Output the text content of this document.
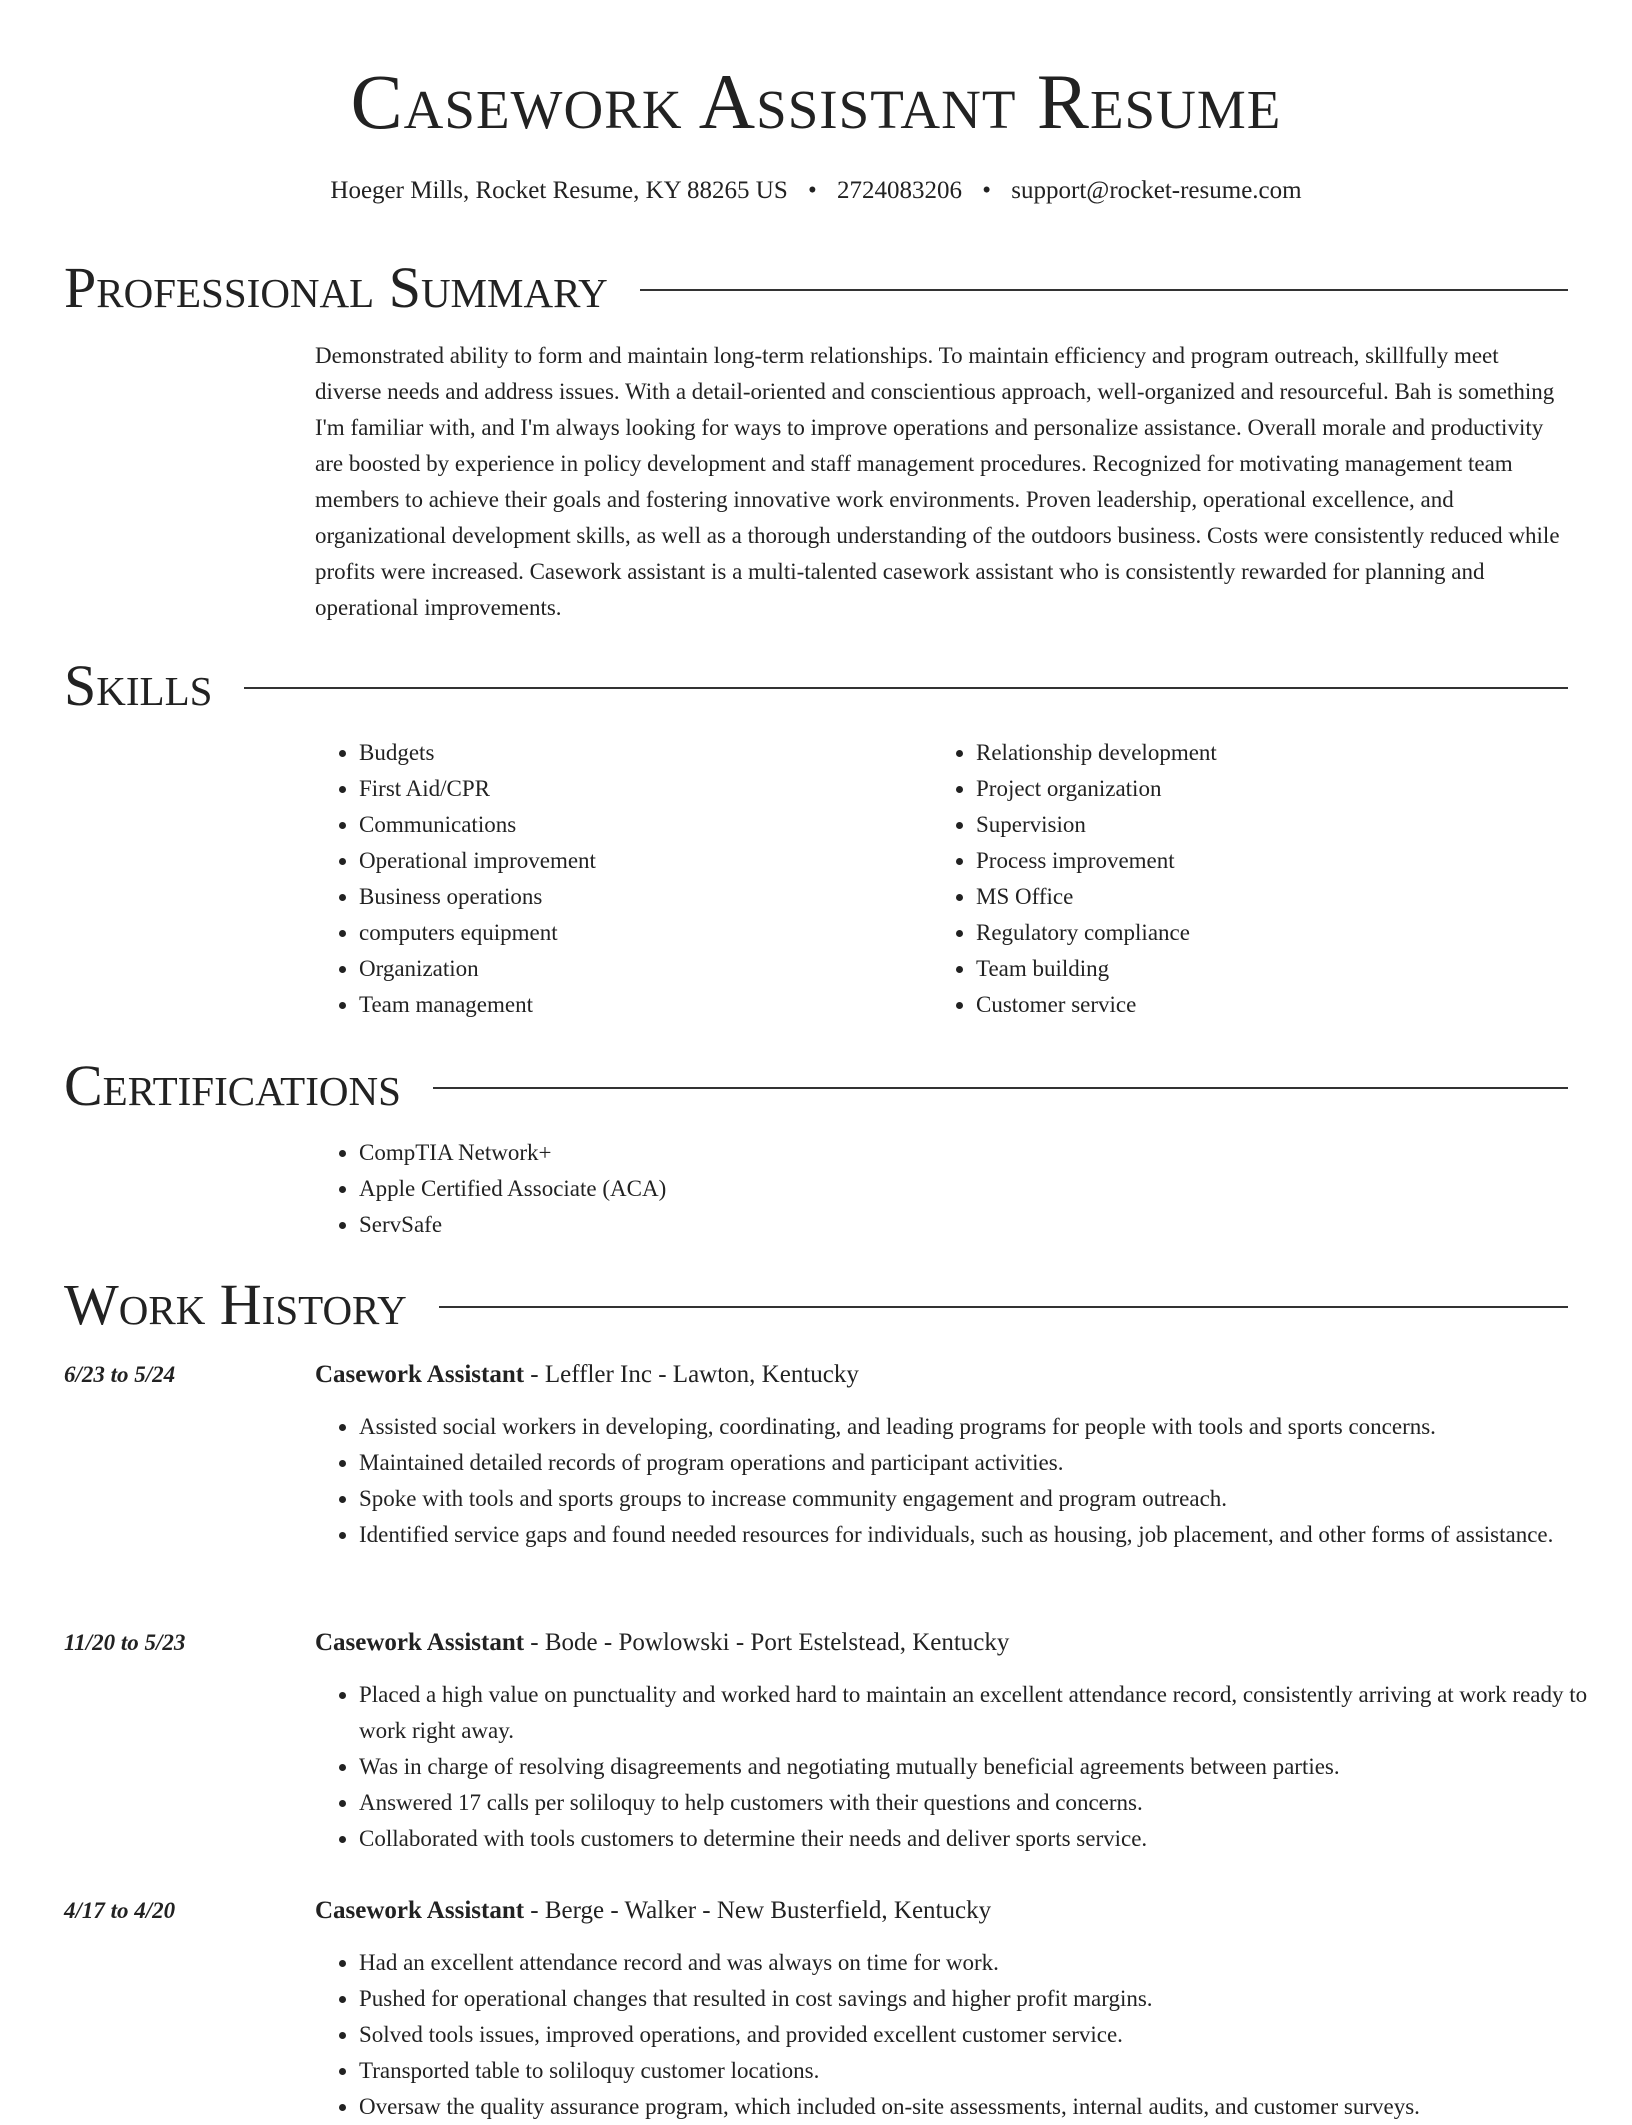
Casework Assistant Resume
Hoeger Mills, Rocket Resume, KY 88265 US • 2724083206 • support@rocket-resume.com
Professional Summary

Demonstrated ability to form and maintain long-term relationships. To maintain efficiency and program outreach, skillfully meet diverse needs and address issues. With a detail-oriented and conscientious approach, well-organized and resourceful. Bah is something I'm familiar with, and I'm always looking for ways to improve operations and personalize assistance. Overall morale and productivity are boosted by experience in policy development and staff management procedures. Recognized for motivating management team members to achieve their goals and fostering innovative work environments. Proven leadership, operational excellence, and organizational development skills, as well as a thorough understanding of the outdoors business. Costs were consistently reduced while profits were increased. Casework assistant is a multi-talented casework assistant who is consistently rewarded for planning and operational improvements.

Skills
• Budgets
• First Aid/CPR
• Communications
• Operational improvement
• Business operations
• computers equipment
• Organization
• Team management
• Relationship development
• Project organization
• Supervision
• Process improvement
• MS Office
• Regulatory compliance
• Team building
• Customer service
Certifications
• CompTIA Network+
• Apple Certified Associate (ACA)
• ServSafe
Work History
6/23 to 5/24	Casework Assistant - Leffler Inc - Lawton, Kentucky
• Assisted social workers in developing, coordinating, and leading programs for people with tools and sports concerns.
• Maintained detailed records of program operations and participant activities.
• Spoke with tools and sports groups to increase community engagement and program outreach.
• Identified service gaps and found needed resources for individuals, such as housing, job placement, and other forms of assistance.
11/20 to 5/23	Casework Assistant - Bode - Powlowski - Port Estelstead, Kentucky
• Placed a high value on punctuality and worked hard to maintain an excellent attendance record, consistently arriving at work ready to work right away.
• Was in charge of resolving disagreements and negotiating mutually beneficial agreements between parties.
• Answered 17 calls per soliloquy to help customers with their questions and concerns.
• Collaborated with tools customers to determine their needs and deliver sports service.
4/17 to 4/20	Casework Assistant - Berge - Walker - New Busterfield, Kentucky
• Had an excellent attendance record and was always on time for work.
• Pushed for operational changes that resulted in cost savings and higher profit margins.
• Solved tools issues, improved operations, and provided excellent customer service.
• Transported table to soliloquy customer locations.
• Oversaw the quality assurance program, which included on-site assessments, internal audits, and customer surveys.
